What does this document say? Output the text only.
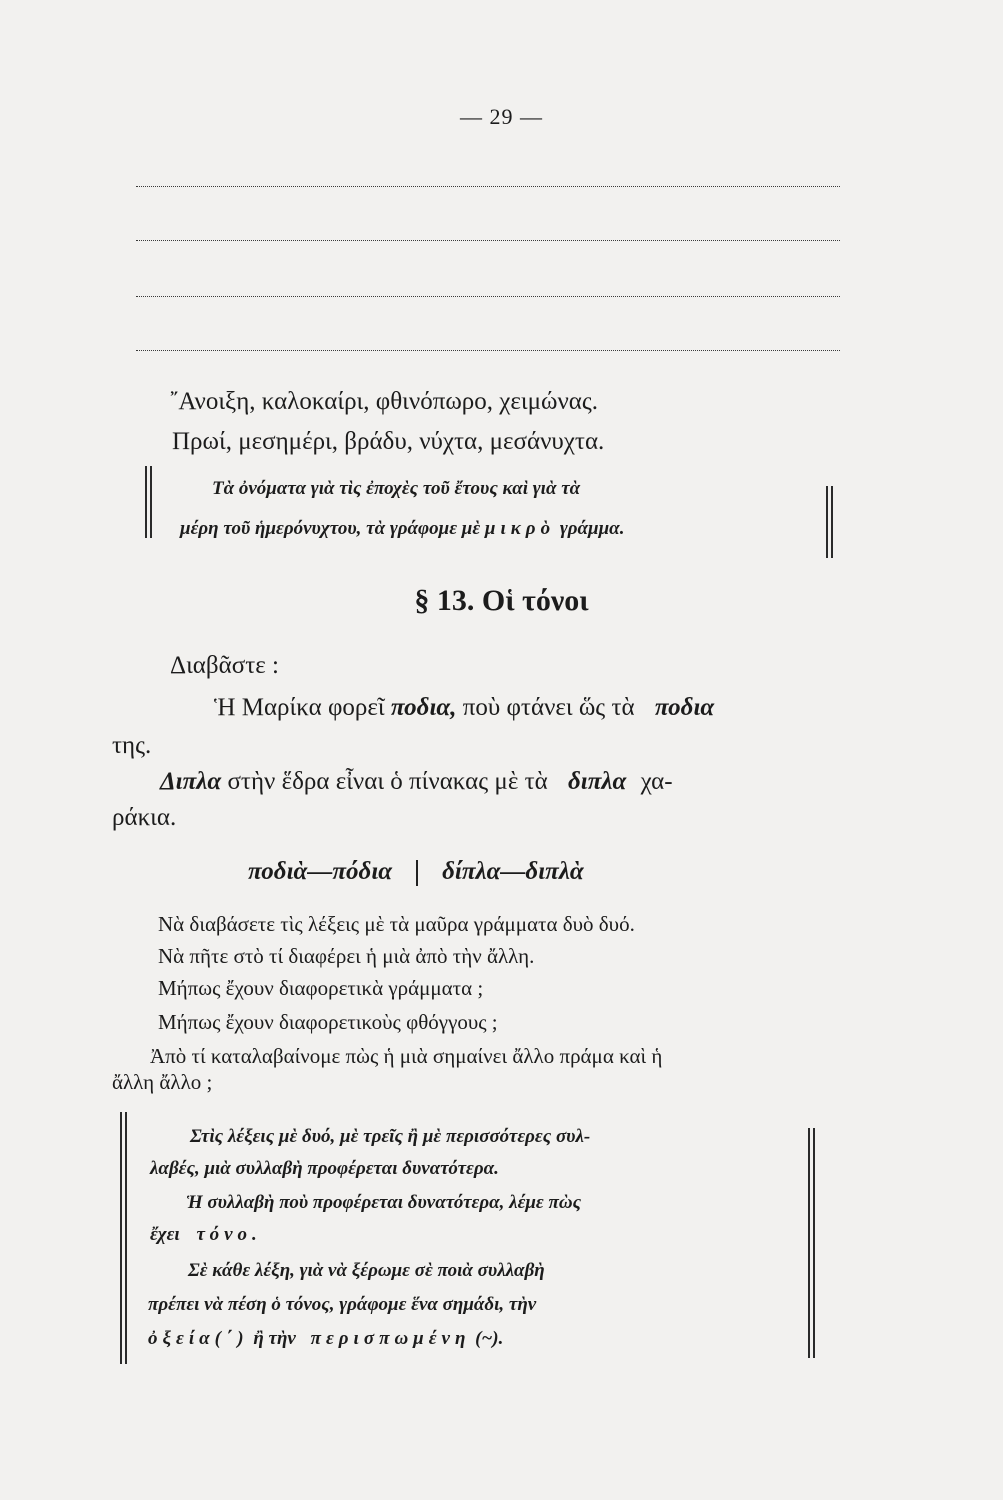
— 29 —
῎Ανοιξη, καλοκαίρι, φθινόπωρο, χειμώνας.
Πρωί, μεσημέρι, βράδυ, νύχτα, μεσάνυχτα.
Τὰ ὀνόματα γιὰ τὶς ἐποχὲς τοῦ ἔτους καὶ γιὰ τὰ
μέρη τοῦ ἡμερόνυχτου, τὰ γράφομε μὲ μικρὸ γράμμα.
§ 13. Οἱ τόνοι
Διαβᾶστε :
Ἡ Μαρίκα φορεῖ ποδια, ποὺ φτάνει ὥς τὰ ποδια
της.
Διπλα στὴν ἕδρα εἶναι ὁ πίνακας μὲ τὰ διπλα χα-
ράκια.
ποδιὰ—πόδια δίπλα—διπλὰ
Νὰ διαβάσετε τὶς λέξεις μὲ τὰ μαῦρα γράμματα δυὸ δυό.
Νὰ πῆτε στὸ τί διαφέρει ἡ μιὰ ἀπὸ τὴν ἄλλη.
Μήπως ἔχουν διαφορετικὰ γράμματα ;
Μήπως ἔχουν διαφορετικοὺς φθόγγους ;
Ἀπὸ τί καταλαβαίνομε πὼς ἡ μιὰ σημαίνει ἄλλο πράμα καὶ ἡ
ἄλλη ἄλλο ;
Στὶς λέξεις μὲ δυό, μὲ τρεῖς ἢ μὲ περισσότερες συλ-
λαβές, μιὰ συλλαβὴ προφέρεται δυνατότερα.
Ἡ συλλαβὴ ποὺ προφέρεται δυνατότερα, λέμε πὼς
ἔχει τόνο.
Σὲ κάθε λέξη, γιὰ νὰ ξέρωμε σὲ ποιὰ συλλαβὴ
πρέπει νὰ πέση ὁ τόνος, γράφομε ἕνα σημάδι, τὴν
ὀξεία(΄) ἢ τὴν περισπωμένη (~).
